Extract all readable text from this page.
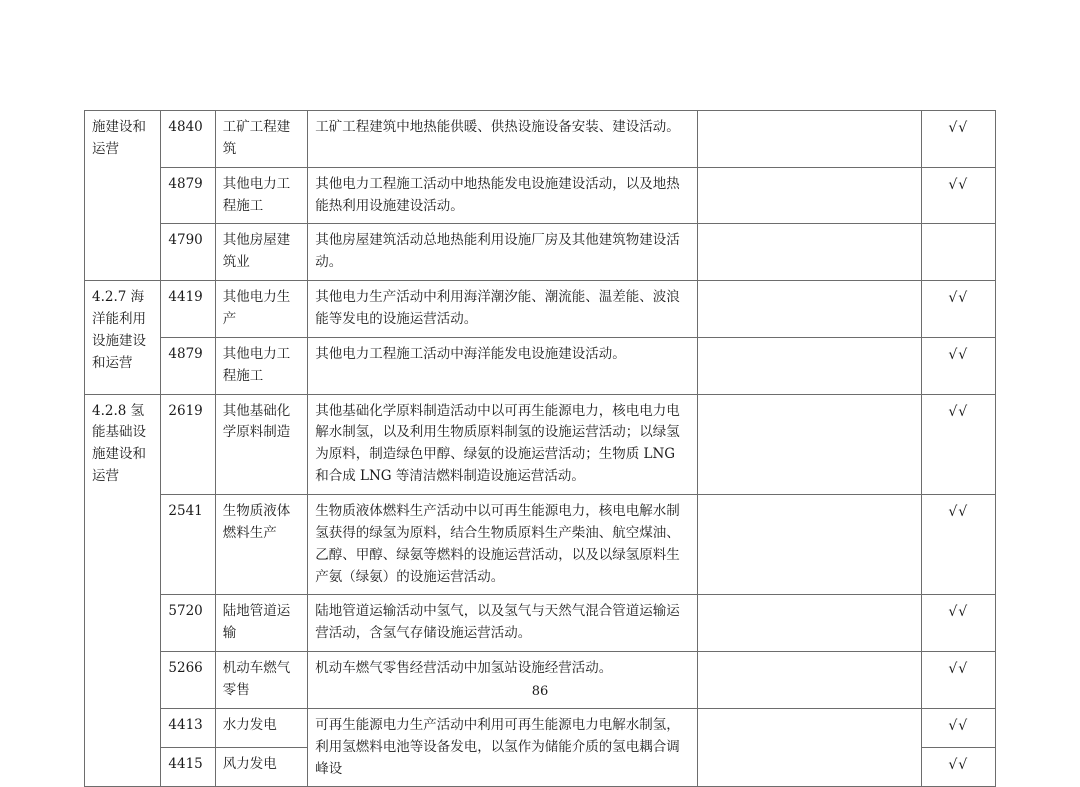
施建设和 运营	4840	工矿工程建筑	工矿工程建筑中地热能供暖、供热设施设备安装、建设活动。		√√
	4879	其他电力工程施工	其他电力工程施工活动中地热能发电设施建设活动，以及地热能热利用设施建设活动。		√√
	4790	其他房屋建筑业	其他房屋建筑活动总地热能利用设施厂房及其他建筑物建设活动。		
4.2.7 海洋能利用设施建设和运营	4419	其他电力生产	其他电力生产活动中利用海洋潮汐能、潮流能、温差能、波浪能等发电的设施运营活动。		√√
	4879	其他电力工程施工	其他电力工程施工活动中海洋能发电设施建设活动。		√√
4.2.8 氢能基础设施建设和运营	2619	其他基础化学原料制造	其他基础化学原料制造活动中以可再生能源电力，核电电力电解水制氢，以及利用生物质原料制氢的设施运营活动；以绿氢为原料，制造绿色甲醇、绿氨的设施运营活动；生物质 LNG 和合成 LNG 等清洁燃料制造设施运营活动。		√√
	2541	生物质液体燃料生产	生物质液体燃料生产活动中以可再生能源电力，核电电解水制氢获得的绿氢为原料，结合生物质原料生产柴油、航空煤油、乙醇、甲醇、绿氨等燃料的设施运营活动，以及以绿氢原料生产氨（绿氨）的设施运营活动。		√√
	5720	陆地管道运输	陆地管道运输活动中氢气，以及氢气与天然气混合管道运输运营活动，含氢气存储设施运营活动。		√√
	5266	机动车燃气零售	机动车燃气零售经营活动中加氢站设施经营活动。		√√
	4413	水力发电	可再生能源电力生产活动中利用可再生能源电力电解水制氢，利用氢燃料电池等设备发电，以氢作为储能介质的氢电耦合调峰设		√√
	4415	风力发电			√√
86
